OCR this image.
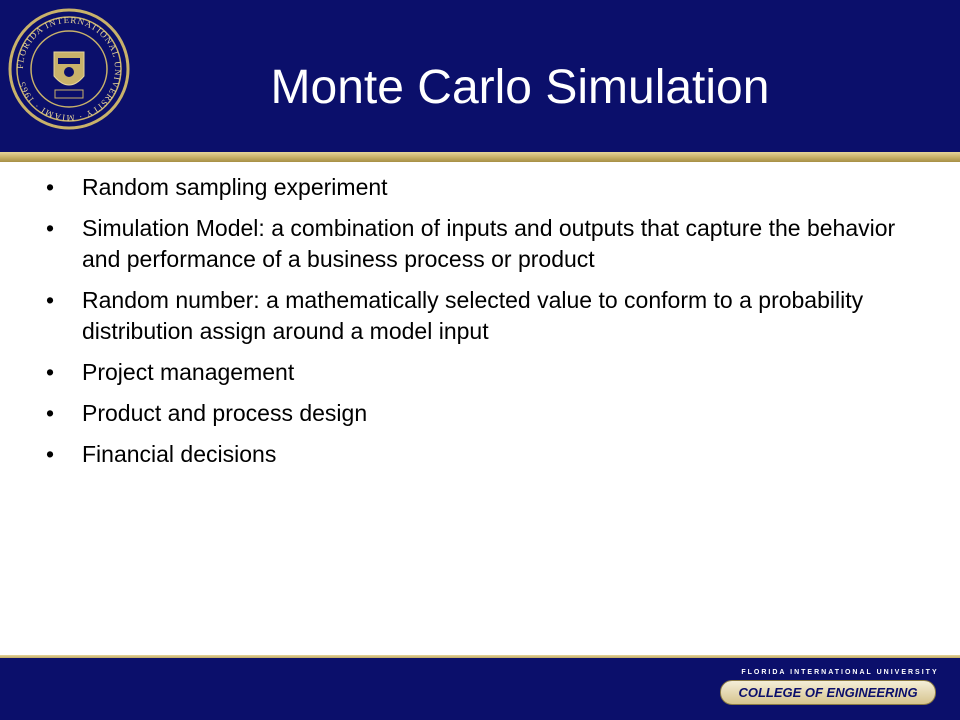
FLORIDA INTERNATIONAL UNIVERSITY · MIAMI · 1965	Monte Carlo Simulation
• Random sampling experiment
• Simulation Model: a combination of inputs and outputs that capture the behavior and performance of a business process or product
• Random number: a mathematically selected value to conform to a probability distribution assign around a model input
• Project management
• Product and process design
• Financial decisions
FLORIDA INTERNATIONAL UNIVERSITY
COLLEGE OF ENGINEERING
